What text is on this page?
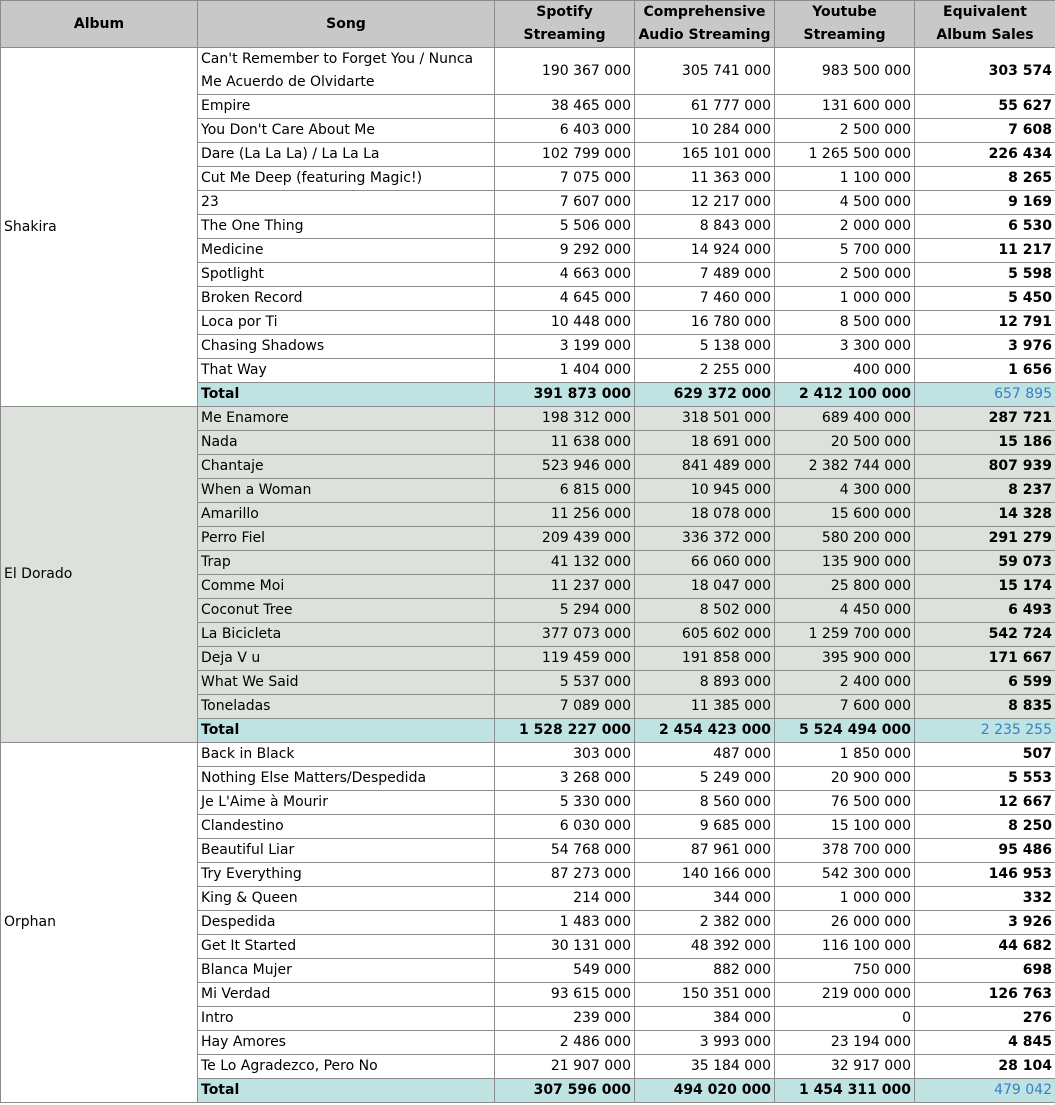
Album	Song	Spotify Streaming	Comprehensive Audio Streaming	Youtube Streaming	Equivalent Album Sales
Shakira	Can't Remember to Forget You / Nunca Me Acuerdo de Olvidarte	190 367 000	305 741 000	983 500 000	303 574
	Empire	38 465 000	61 777 000	131 600 000	55 627
	You Don't Care About Me	6 403 000	10 284 000	2 500 000	7 608
	Dare (La La La) / La La La	102 799 000	165 101 000	1 265 500 000	226 434
	Cut Me Deep (featuring Magic!)	7 075 000	11 363 000	1 100 000	8 265
	23	7 607 000	12 217 000	4 500 000	9 169
	The One Thing	5 506 000	8 843 000	2 000 000	6 530
	Medicine	9 292 000	14 924 000	5 700 000	11 217
	Spotlight	4 663 000	7 489 000	2 500 000	5 598
	Broken Record	4 645 000	7 460 000	1 000 000	5 450
	Loca por Ti	10 448 000	16 780 000	8 500 000	12 791
	Chasing Shadows	3 199 000	5 138 000	3 300 000	3 976
	That Way	1 404 000	2 255 000	400 000	1 656
	Total	391 873 000	629 372 000	2 412 100 000	657 895
El Dorado	Me Enamore	198 312 000	318 501 000	689 400 000	287 721
	Nada	11 638 000	18 691 000	20 500 000	15 186
	Chantaje	523 946 000	841 489 000	2 382 744 000	807 939
	When a Woman	6 815 000	10 945 000	4 300 000	8 237
	Amarillo	11 256 000	18 078 000	15 600 000	14 328
	Perro Fiel	209 439 000	336 372 000	580 200 000	291 279
	Trap	41 132 000	66 060 000	135 900 000	59 073
	Comme Moi	11 237 000	18 047 000	25 800 000	15 174
	Coconut Tree	5 294 000	8 502 000	4 450 000	6 493
	La Bicicleta	377 073 000	605 602 000	1 259 700 000	542 724
	Deja V u	119 459 000	191 858 000	395 900 000	171 667
	What We Said	5 537 000	8 893 000	2 400 000	6 599
	Toneladas	7 089 000	11 385 000	7 600 000	8 835
	Total	1 528 227 000	2 454 423 000	5 524 494 000	2 235 255
Orphan	Back in Black	303 000	487 000	1 850 000	507
	Nothing Else Matters/Despedida	3 268 000	5 249 000	20 900 000	5 553
	Je L'Aime à Mourir	5 330 000	8 560 000	76 500 000	12 667
	Clandestino	6 030 000	9 685 000	15 100 000	8 250
	Beautiful Liar	54 768 000	87 961 000	378 700 000	95 486
	Try Everything	87 273 000	140 166 000	542 300 000	146 953
	King & Queen	214 000	344 000	1 000 000	332
	Despedida	1 483 000	2 382 000	26 000 000	3 926
	Get It Started	30 131 000	48 392 000	116 100 000	44 682
	Blanca Mujer	549 000	882 000	750 000	698
	Mi Verdad	93 615 000	150 351 000	219 000 000	126 763
	Intro	239 000	384 000	0	276
	Hay Amores	2 486 000	3 993 000	23 194 000	4 845
	Te Lo Agradezco, Pero No	21 907 000	35 184 000	32 917 000	28 104
	Total	307 596 000	494 020 000	1 454 311 000	479 042
